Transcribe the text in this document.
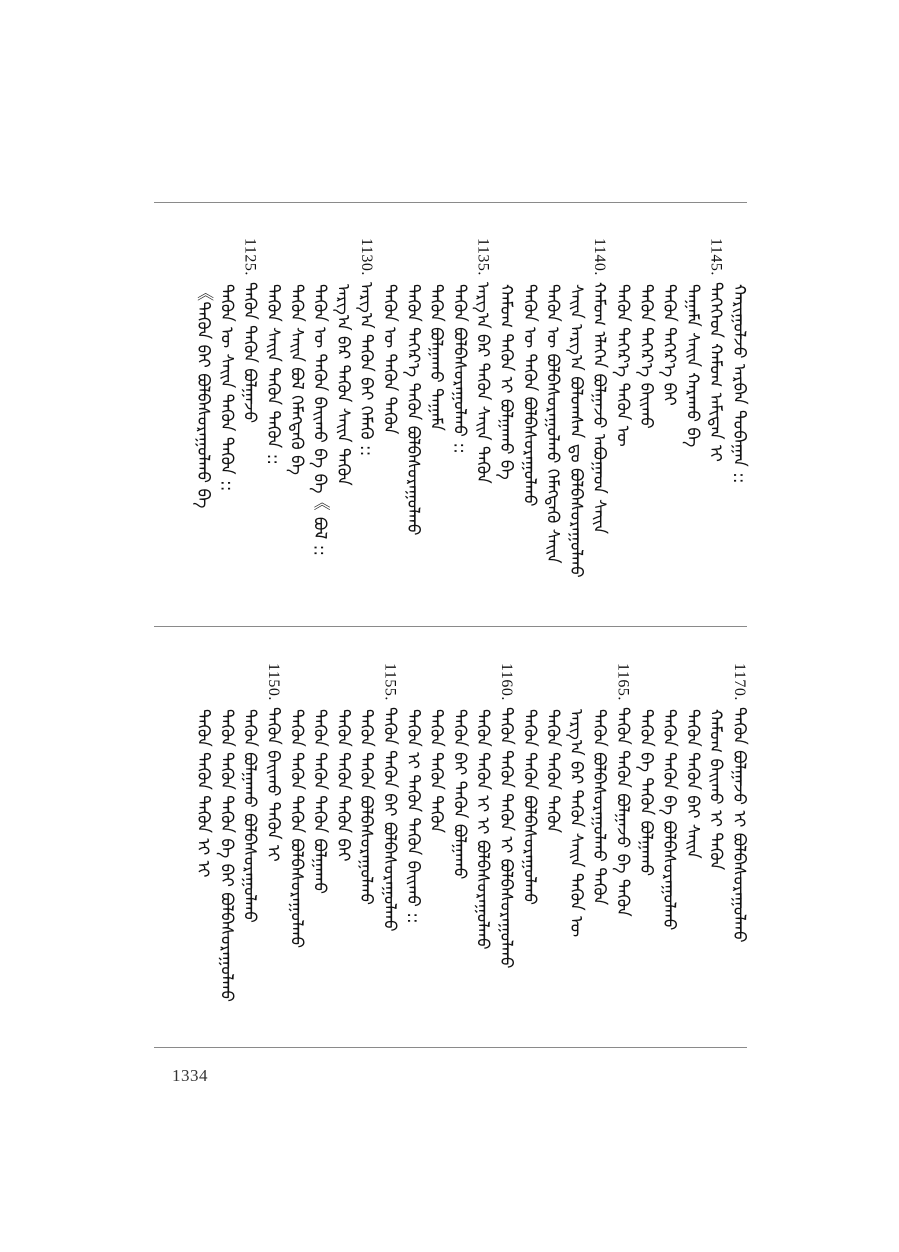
ᠬᠠᠷᠢᠭᠤᠯᠵᠤ ᠠᠷᠪᠠᠨ ᠳᠣᠪᠠᠭᠠᠨ ::
1145.ᠲᠡᠭᠡᠭᠡᠳ ᠬᠠᠮᠤᠭ ᠠᠮᠢᠲᠠᠨ ᠢ
ᠲᠠᠭᠠᠮᠠ ᠰᠠᠢᠨ ᠬᠠᠷᠠᠬᠤ ᠪᠠ
ᠲᠡᠭᠦᠨ ᠳᠡᠭᠡᠷ᠎ᠡ ᠪᠠᠢ
ᠲᠡᠭᠦᠨ ᠳᠡᠭᠡᠷ᠎ᠡ ᠪᠠᠢᠬᠤ
ᠲᠡᠭᠦᠨ ᠳᠡᠭᠡᠷ᠎ᠡ ᠲᠡᠭᠦᠨ ᠦ
1140.ᠬᠠᠮᠤᠭ ᠡᠯᠡᠭᠡᠨ ᠪᠣᠯᠭᠠᠵᠤ ᠠᠪᠤᠭᠠᠳ ᠰᠠᠢᠨ
ᠰᠠᠢᠨ ᠠᠷᠭ᠎ᠠ ᠪᠣᠯᠤᠭᠰᠠᠨ ᠳᠤ ᠪᠣᠯᠪᠠᠰᠤᠷᠠᠭᠤᠯᠬᠤ
ᠲᠡᠭᠦᠨ ᠦ ᠪᠣᠯᠪᠠᠰᠤᠷᠠᠭᠤᠯᠬᠤ ᠬᠡᠮᠡᠭᠳᠡᠬᠦ ᠰᠠᠢᠨ
ᠲᠡᠭᠦᠨ ᠦ ᠲᠡᠭᠦᠨ ᠪᠣᠯᠪᠠᠰᠤᠷᠠᠭᠤᠯᠬᠤ
ᠬᠠᠮᠤᠭ ᠲᠡᠭᠦᠨ ᠢ ᠪᠣᠯᠭᠠᠬᠤ ᠪᠠ
1135.ᠠᠷᠭ᠎ᠠ ᠪᠠᠷ ᠲᠡᠭᠦᠨ ᠰᠠᠢᠨ ᠲᠡᠭᠦᠨ
ᠲᠡᠭᠦᠨ ᠪᠣᠯᠪᠠᠰᠤᠷᠠᠭᠤᠯᠬᠤ ::
ᠲᠡᠭᠦᠨ ᠪᠣᠯᠭᠠᠬᠤ ᠲᠠᠭᠠᠮᠠ
ᠲᠡᠭᠦᠨ ᠳᠡᠭᠡᠷ᠎ᠡ ᠲᠡᠭᠦᠨ ᠪᠣᠯᠪᠠᠰᠤᠷᠠᠭᠤᠯᠬᠤ
ᠲᠡᠭᠦᠨ ᠦ ᠲᠡᠭᠦᠨ ᠲᠡᠭᠦᠨ
1130.ᠠᠷᠭ᠎ᠠ ᠲᠡᠭᠦᠨ ᠪᠠᠢ ᠬᠡᠮᠡᠬᠦ ::
ᠠᠷᠭ᠎ᠠ ᠪᠠᠷ ᠲᠡᠭᠦᠨ ᠰᠠᠢᠨ ᠲᠡᠭᠦᠨ
ᠲᠡᠭᠦᠨ ᠦ ᠲᠡᠭᠦᠨ ᠪᠠᠢᠬᠤ ᠪᠠ ᠪᠠ《 ᠪᠣᠯ ::
ᠲᠡᠭᠦᠨ ᠰᠠᠢᠨ ᠪᠣᠯ ᠬᠡᠮᠡᠭᠳᠡᠬᠦ ᠪᠠ
ᠲᠡᠭᠦᠨ ᠰᠠᠢᠨ ᠲᠡᠭᠦᠨ ᠲᠡᠭᠦᠨ ::
1125.ᠲᠡᠭᠦᠨ ᠲᠡᠭᠦᠨ ᠪᠣᠯᠭᠠᠵᠤ
ᠲᠡᠭᠦᠨ ᠦ ᠰᠠᠢᠨ ᠲᠡᠭᠦᠨ ᠲᠡᠭᠦᠨ ::
《ᠲᠡᠭᠦᠨ ᠪᠠᠢ ᠪᠣᠯᠪᠠᠰᠤᠷᠠᠭᠤᠯᠬᠤ ᠪᠠ
1170.ᠲᠡᠭᠦᠨ ᠪᠣᠯᠭᠠᠵᠤ ᠢ ᠪᠣᠯᠪᠠᠰᠤᠷᠠᠭᠤᠯᠬᠤ
ᠬᠠᠮᠤᠭ ᠪᠠᠢᠬᠤ ᠢ ᠲᠡᠭᠦᠨ
ᠲᠡᠭᠦᠨ ᠲᠡᠭᠦᠨ ᠪᠠᠢ ᠰᠠᠢᠨ
ᠲᠡᠭᠦᠨ ᠲᠡᠭᠦᠨ ᠪᠠ ᠪᠣᠯᠪᠠᠰᠤᠷᠠᠭᠤᠯᠬᠤ
ᠲᠡᠭᠦᠨ ᠪᠠ ᠲᠡᠭᠦᠨ ᠪᠣᠯᠭᠠᠬᠤ
1165.ᠲᠡᠭᠦᠨ ᠲᠡᠭᠦᠨ ᠪᠣᠯᠭᠠᠵᠤ ᠪᠠ ᠲᠡᠭᠦᠨ
ᠲᠡᠭᠦᠨ ᠪᠣᠯᠪᠠᠰᠤᠷᠠᠭᠤᠯᠬᠤ ᠲᠡᠭᠦᠨ
ᠠᠷᠭ᠎ᠠ ᠪᠠᠷ ᠲᠡᠭᠦᠨ ᠰᠠᠢᠨ ᠲᠡᠭᠦᠨ ᠦ
ᠲᠡᠭᠦᠨ ᠲᠡᠭᠦᠨ ᠲᠡᠭᠦᠨ
ᠲᠡᠭᠦᠨ ᠲᠡᠭᠦᠨ ᠪᠣᠯᠪᠠᠰᠤᠷᠠᠭᠤᠯᠬᠤ
1160.ᠲᠡᠭᠦᠨ ᠲᠡᠭᠦᠨ ᠲᠡᠭᠦᠨ ᠢ ᠪᠣᠯᠪᠠᠰᠤᠷᠠᠭᠤᠯᠬᠤ
ᠲᠡᠭᠦᠨ ᠲᠡᠭᠦᠨ ᠢ ᠢ ᠪᠣᠯᠪᠠᠰᠤᠷᠠᠭᠤᠯᠬᠤ
ᠲᠡᠭᠦᠨ ᠪᠠᠢ ᠲᠡᠭᠦᠨ ᠪᠣᠯᠭᠠᠬᠤ
ᠲᠡᠭᠦᠨ ᠲᠡᠭᠦᠨ ᠲᠡᠭᠦᠨ
ᠲᠡᠭᠦᠨ ᠢ ᠲᠡᠭᠦᠨ ᠲᠡᠭᠦᠨ ᠪᠠᠢᠬᠤ ::
1155.ᠲᠡᠭᠦᠨ ᠲᠡᠭᠦᠨ ᠪᠠᠢ ᠪᠣᠯᠪᠠᠰᠤᠷᠠᠭᠤᠯᠬᠤ
ᠲᠡᠭᠦᠨ ᠲᠡᠭᠦᠨ ᠪᠣᠯᠪᠠᠰᠤᠷᠠᠭᠤᠯᠬᠤ
ᠲᠡᠭᠦᠨ ᠲᠡᠭᠦᠨ ᠲᠡᠭᠦᠨ ᠪᠠᠢ
ᠲᠡᠭᠦᠨ ᠲᠡᠭᠦᠨ ᠲᠡᠭᠦᠨ ᠪᠣᠯᠭᠠᠬᠤ
ᠲᠡᠭᠦᠨ ᠲᠡᠭᠦᠨ ᠲᠡᠭᠦᠨ ᠪᠣᠯᠪᠠᠰᠤᠷᠠᠭᠤᠯᠬᠤ
1150.ᠲᠡᠭᠦᠨ ᠪᠠᠢᠬᠤ ᠲᠡᠭᠦᠨ ᠢ
ᠲᠡᠭᠦᠨ ᠪᠣᠯᠭᠠᠬᠤ ᠪᠣᠯᠪᠠᠰᠤᠷᠠᠭᠤᠯᠬᠤ
ᠲᠡᠭᠦᠨ ᠲᠡᠭᠦᠨ ᠲᠡᠭᠦᠨ ᠪᠠ ᠪᠠᠢ ᠪᠣᠯᠪᠠᠰᠤᠷᠠᠭᠤᠯᠬᠤ
ᠲᠡᠭᠦᠨ ᠲᠡᠭᠦᠨ ᠲᠡᠭᠦᠨ ᠢ ᠢ
1334
